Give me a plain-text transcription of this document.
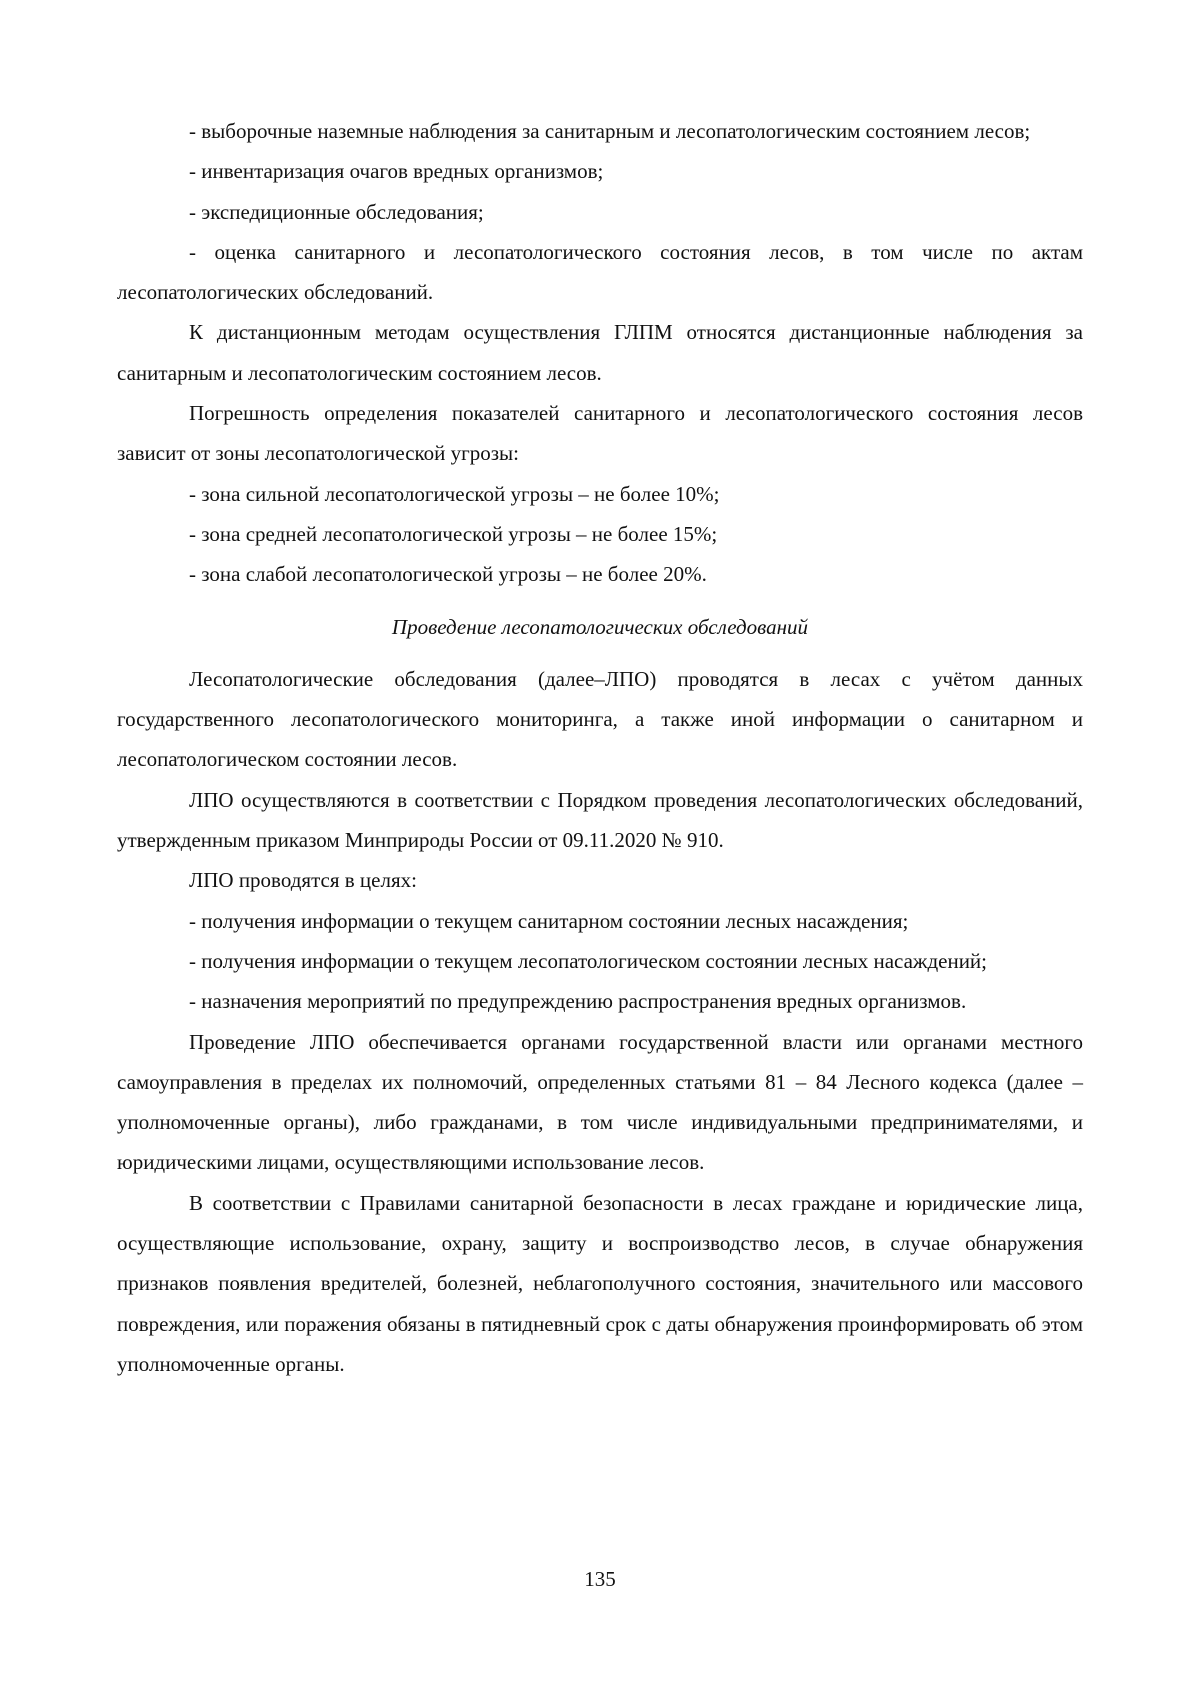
- выборочные наземные наблюдения за санитарным и лесопатологическим состоянием лесов;

- инвентаризация очагов вредных организмов;

- экспедиционные обследования;

- оценка санитарного и лесопатологического состояния лесов, в том числе по актам лесопатологических обследований.

К дистанционным методам осуществления ГЛПМ относятся дистанционные наблюдения за санитарным и лесопатологическим состоянием лесов.

Погрешность определения показателей санитарного и лесопатологического состояния лесов зависит от зоны лесопатологической угрозы:

- зона сильной лесопатологической угрозы – не более 10%;

- зона средней лесопатологической угрозы – не более 15%;

- зона слабой лесопатологической угрозы – не более 20%.

Проведение лесопатологических обследований

Лесопатологические обследования (далее–ЛПО) проводятся в лесах с учётом данных государственного лесопатологического мониторинга, а также иной информации о санитарном и лесопатологическом состоянии лесов.

ЛПО осуществляются в соответствии с Порядком проведения лесопатологических обследований, утвержденным приказом Минприроды России от 09.11.2020 № 910.

ЛПО проводятся в целях:

- получения информации о текущем санитарном состоянии лесных насаждения;

- получения информации о текущем лесопатологическом состоянии лесных насаждений;

- назначения мероприятий по предупреждению распространения вредных организмов.

Проведение ЛПО обеспечивается органами государственной власти или органами местного самоуправления в пределах их полномочий, определенных статьями 81 – 84 Лесного кодекса (далее – уполномоченные органы), либо гражданами, в том числе индивидуальными предпринимателями, и юридическими лицами, осуществляющими использование лесов.

В соответствии с Правилами санитарной безопасности в лесах граждане и юридические лица, осуществляющие использование, охрану, защиту и воспроизводство лесов, в случае обнаружения признаков появления вредителей, болезней, неблагополучного состояния, значительного или массового повреждения, или поражения обязаны в пятидневный срок с даты обнаружения проинформировать об этом уполномоченные органы.

135
